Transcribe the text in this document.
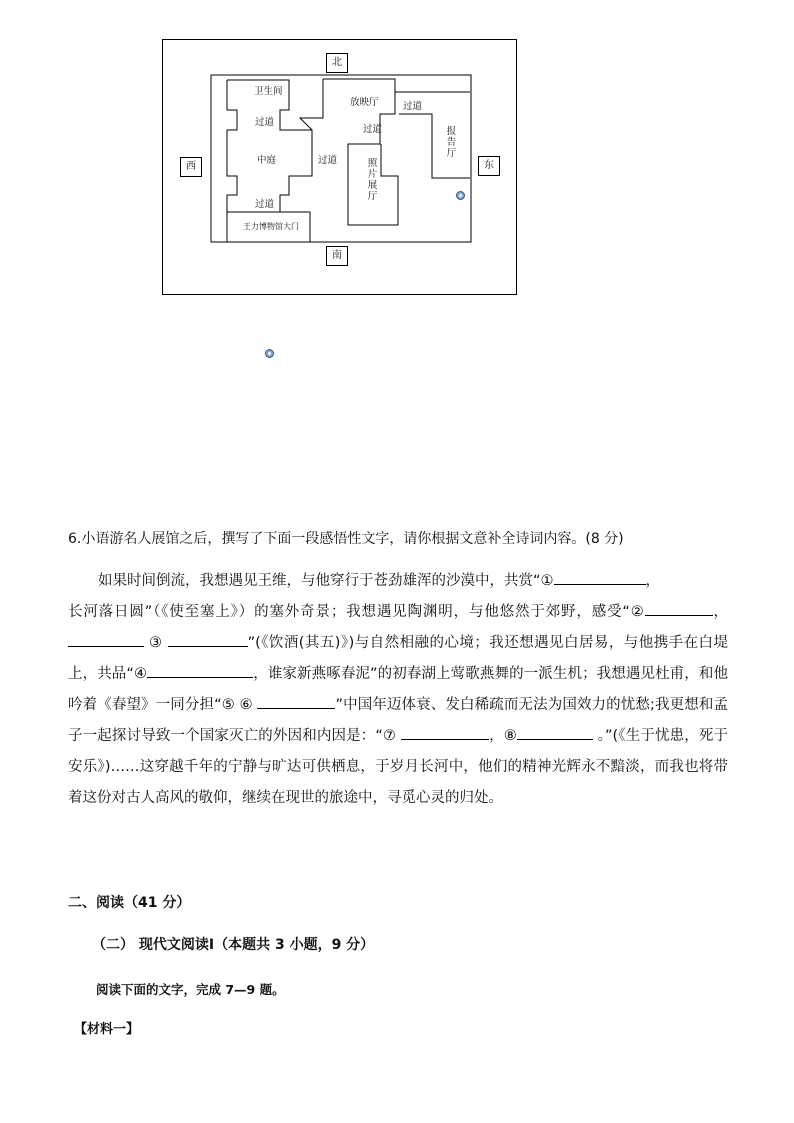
北
南
西	东
卫生间
过道
中庭
过道
王力博物馆大门
过道
放映厅	过道
过道
照片展厅
报告厅
6.小语游名人展馆之后，撰写了下面一段感悟性文字，请你根据文意补全诗词内容。(8 分)
如果时间倒流，我想遇见王维，与他穿行于苍劲雄浑的沙漠中，共赏“①	，
长河落日圆”（《使至塞上》）的塞外奇景；我想遇见陶渊明，与他悠然于郊野，感受“②	， ③	”(《饮酒(其五)》)与自然相融的心境；我还想遇见白居易，与他携手在白堤上，共品“④	，谁家新燕啄春泥”的初春湖上莺歌燕舞的一派生机；我想遇见杜甫，和他吟着《春望》一同分担“⑤ ⑥	”中国年迈体衰、发白稀疏而无法为国效力的忧愁;我更想和孟子一起探讨导致一个国家灭亡的外因和内因是：“⑦	，⑧	。”(《生于忧患，死于安乐》)……这穿越千年的宁静与旷达可供栖息，于岁月长河中，他们的精神光辉永不黯淡，而我也将带着这份对古人高风的敬仰，继续在现世的旅途中，寻觅心灵的归处。
二、阅读（41 分）
（二） 现代文阅读Ⅰ（本题共 3 小题，9 分）
阅读下面的文字，完成 7—9 题。
【材料一】
